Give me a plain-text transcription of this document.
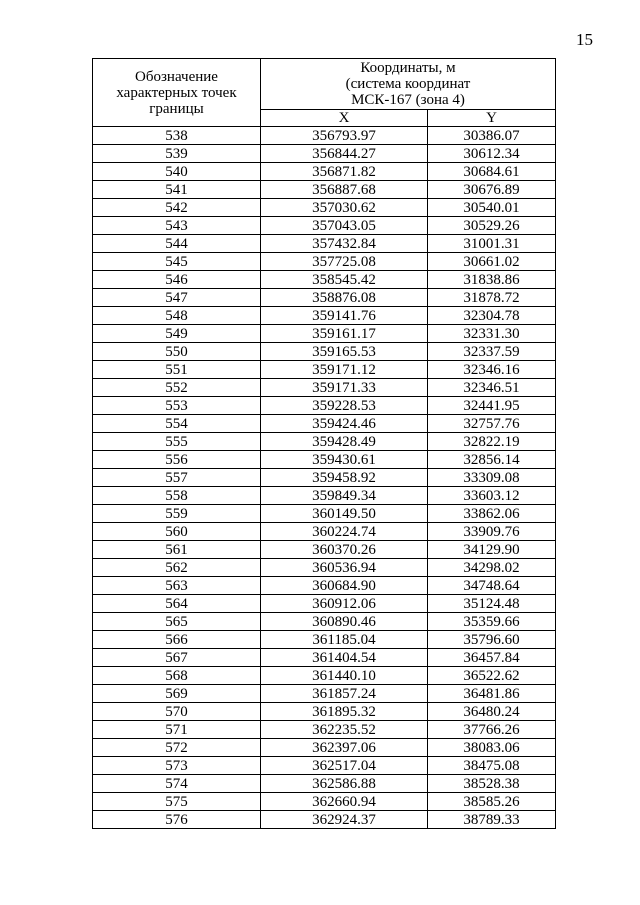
15
Обозначение характерных точек границы	Координаты, м
(система координат
МСК-167 (зона 4)	

	X	Y
538	356793.97	30386.07
539	356844.27	30612.34
540	356871.82	30684.61
541	356887.68	30676.89
542	357030.62	30540.01
543	357043.05	30529.26
544	357432.84	31001.31
545	357725.08	30661.02
546	358545.42	31838.86
547	358876.08	31878.72
548	359141.76	32304.78
549	359161.17	32331.30
550	359165.53	32337.59
551	359171.12	32346.16
552	359171.33	32346.51
553	359228.53	32441.95
554	359424.46	32757.76
555	359428.49	32822.19
556	359430.61	32856.14
557	359458.92	33309.08
558	359849.34	33603.12
559	360149.50	33862.06
560	360224.74	33909.76
561	360370.26	34129.90
562	360536.94	34298.02
563	360684.90	34748.64
564	360912.06	35124.48
565	360890.46	35359.66
566	361185.04	35796.60
567	361404.54	36457.84
568	361440.10	36522.62
569	361857.24	36481.86
570	361895.32	36480.24
571	362235.52	37766.26
572	362397.06	38083.06
573	362517.04	38475.08
574	362586.88	38528.38
575	362660.94	38585.26
576	362924.37	38789.33
